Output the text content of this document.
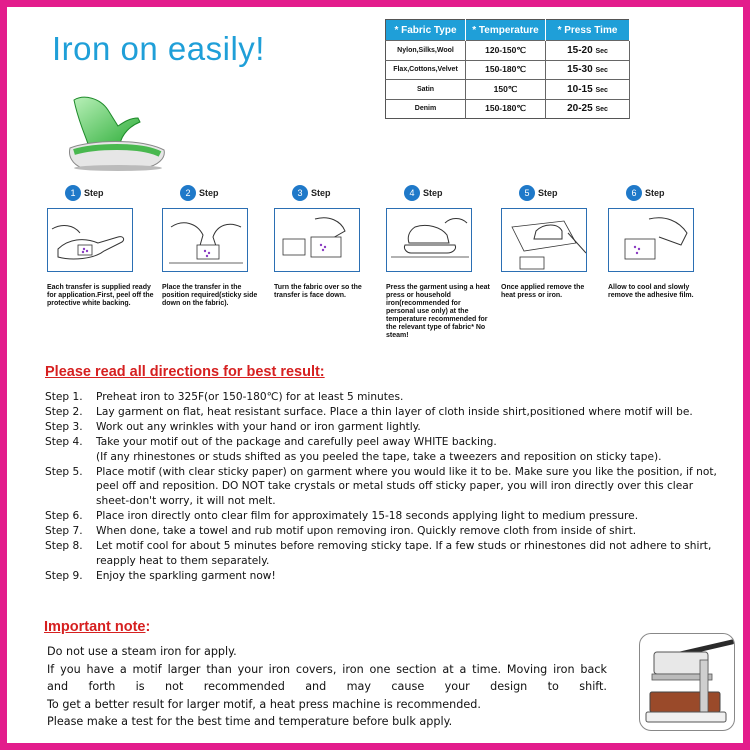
Iron on easily!	* Fabric Type	* Temperature	* Press Time
Nylon,Silks,Wool	120-150℃	15-20 Sec
Flax,Cottons,Velvet	150-180℃	15-30 Sec
Satin	150℃	10-15 Sec
Denim	150-180℃	20-25 Sec
1 Step
Each transfer is supplied ready for application.First, peel off the protective white backing.
2 Step
Place the transfer in the position required(sticky side down on the fabric).
3 Step
Turn the fabric over so the transfer is face down.
4 Step
Press the garment using a heat press or household iron(recommended for personal use only) at the temperature recommended for the relevant type of fabric* No steam!
5 Step
Once applied remove the heat press or iron.
6 Step
Allow to cool and slowly remove the adhesive film.
Please read all directions for best result:
Step 1.	Preheat iron to 325F(or 150-180℃) for at least 5 minutes.
Step 2.	Lay garment on flat, heat resistant surface. Place a thin layer of cloth inside shirt,positioned where motif will be.
Step 3.	Work out any wrinkles with your hand or iron garment lightly.
Step 4.	Take your motif out of the package and carefully peel away WHITE backing.
(If any rhinestones or studs shifted as you peeled the tape, take a tweezers and reposition on sticky tape).
Step 5.	Place motif (with clear sticky paper) on garment where you would like it to be. Make sure you like the position, if not, peel off and reposition. DO NOT take crystals or metal studs off sticky paper, you will iron directly over this clear sheet-don't worry, it will not melt.
Step 6.	Place iron directly onto clear film for approximately 15-18 seconds applying light to medium pressure.
Step 7.	When done, take a towel and rub motif upon removing iron. Quickly remove cloth from inside of shirt.
Step 8.	Let motif cool for about 5 minutes before removing sticky tape. If a few studs or rhinestones did not adhere to shirt, reapply heat to them separately.
Step 9.	Enjoy the sparkling garment now!
Important note:
Do not use a steam iron for apply.
If you have a motif larger than your iron covers, iron one section at a time. Moving iron back
and forth is not recommended and may cause your design to shift.
To get a better result for larger motif, a heat press machine is recommended.
Please make a test for the best time and temperature before bulk apply.
